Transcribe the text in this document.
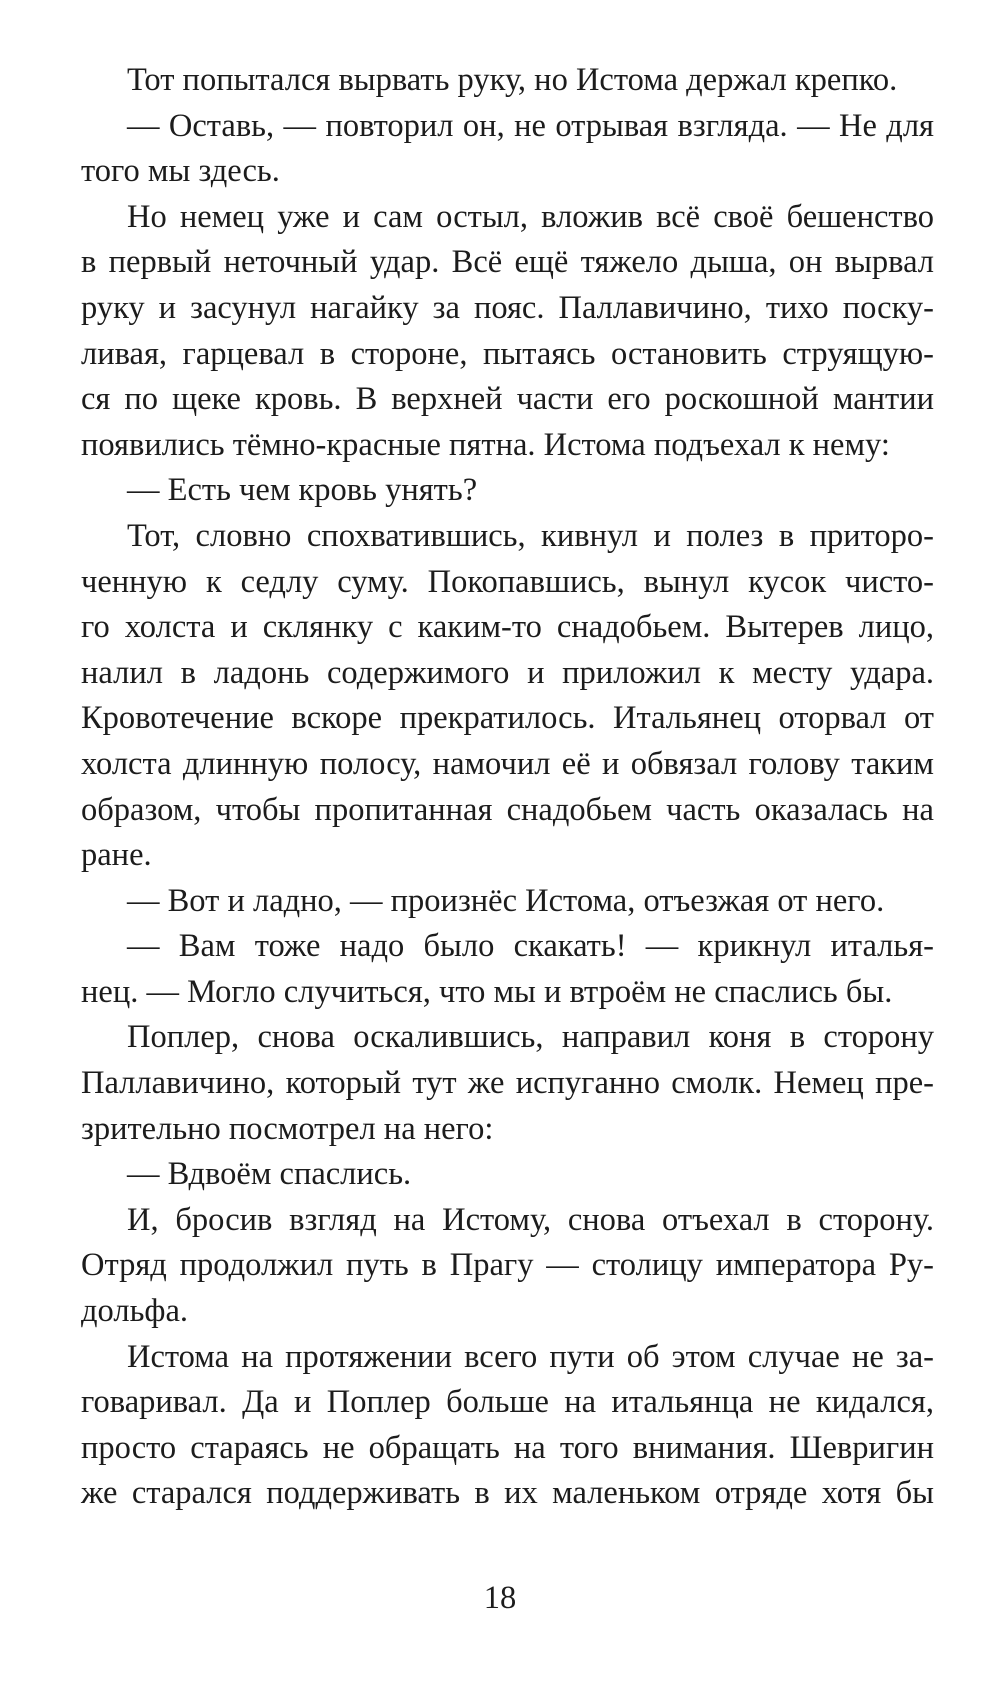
Тот попытался вырвать руку, но Истома держал крепко.
— Оставь, — повторил он, не отрывая взгляда. — Не для
того мы здесь.
Но немец уже и сам остыл, вложив всё своё бешенство
в первый неточный удар. Всё ещё тяжело дыша, он вырвал
руку и засунул нагайку за пояс. Паллавичино, тихо поску-
ливая, гарцевал в стороне, пытаясь остановить струящую-
ся по щеке кровь. В верхней части его роскошной мантии
появились тёмно-красные пятна. Истома подъехал к нему:
— Есть чем кровь унять?
Тот, словно спохватившись, кивнул и полез в приторо-
ченную к седлу суму. Покопавшись, вынул кусок чисто-
го холста и склянку с каким-то снадобьем. Вытерев лицо,
налил в ладонь содержимого и приложил к месту удара.
Кровотечение вскоре прекратилось. Итальянец оторвал от
холста длинную полосу, намочил её и обвязал голову таким
образом, чтобы пропитанная снадобьем часть оказалась на
ране.
— Вот и ладно, — произнёс Истома, отъезжая от него.
— Вам тоже надо было скакать! — крикнул италья-
нец. — Могло случиться, что мы и втроём не спаслись бы.
Поплер, снова оскалившись, направил коня в сторону
Паллавичино, который тут же испуганно смолк. Немец пре-
зрительно посмотрел на него:
— Вдвоём спаслись.
И, бросив взгляд на Истому, снова отъехал в сторону.
Отряд продолжил путь в Прагу — столицу императора Ру-
дольфа.
Истома на протяжении всего пути об этом случае не за-
говаривал. Да и Поплер больше на итальянца не кидался,
просто стараясь не обращать на того внимания. Шевригин
же старался поддерживать в их маленьком отряде хотя бы
18
